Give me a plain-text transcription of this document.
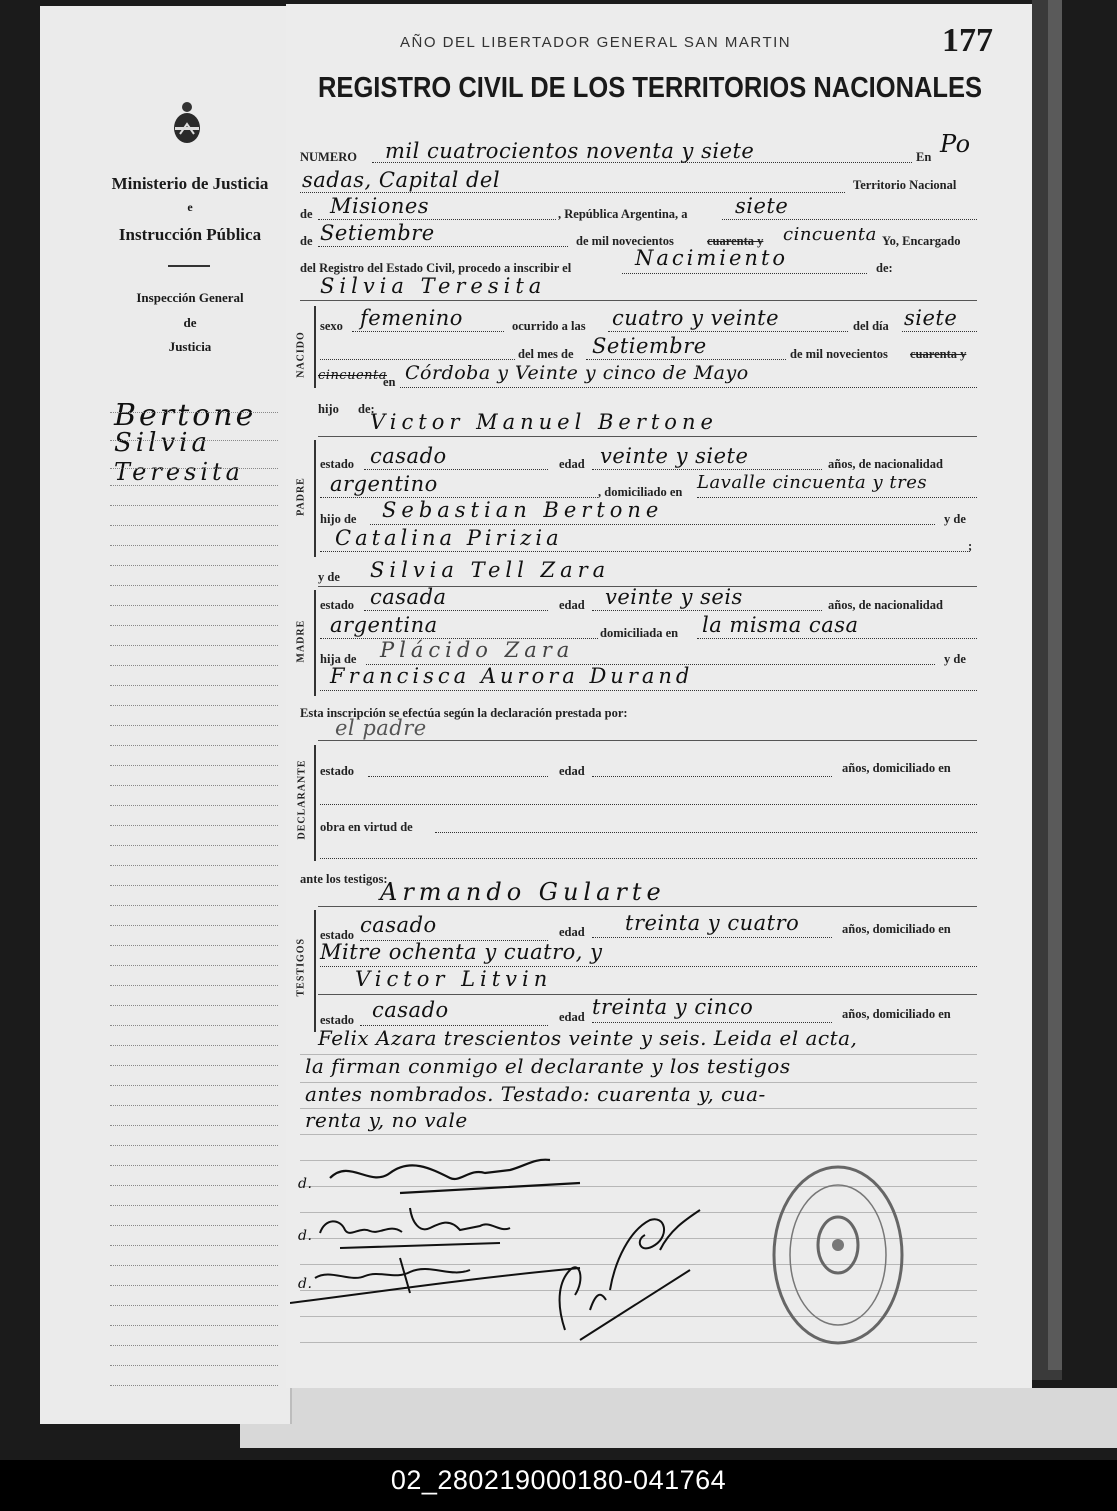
Ministerio de Justicia
e
Instrucción Pública
Inspección General
de
Justicia
Bertone
Silvia
Teresita
AÑO DEL LIBERTADOR GENERAL SAN MARTIN	177
REGISTRO CIVIL DE LOS TERRITORIOS NACIONALES
NUMERO mil cuatrocientos noventa y siete	En Po
sadas, Capital del	Territorio Nacional
de Misiones	, República Argentina, a siete
de Setiembre	de mil novecientos	cuarenta y cincuenta Yo, Encargado
del Registro del Estado Civil, procedo a inscribir el	Nacimiento	de:
Silvia Teresita
NACIDO
sexo femenino	ocurrido a las cuatro y veinte	del día siete
del mes de Setiembre	de mil novecientos cuarenta y
cincuenta
en Córdoba y Veinte y cinco de Mayo
hijo de:
Victor Manuel Bertone
PADRE
estado casado	edad veinte y siete	años, de nacionalidad
argentino	, domiciliado en Lavalle cincuenta y tres
hijo de Sebastian Bertone	y de
Catalina Pirizia	;
y de Silvia Tell Zara
MADRE
estado casada	edad veinte y seis	años, de nacionalidad
argentina	domiciliada en la misma casa
hija de Plácido Zara	y de
Francisca Aurora Durand
Esta inscripción se efectúa según la declaración prestada por:
el padre
DECLARANTE estado	edad	años, domiciliado en
obra en virtud de
ante los testigos:
Armando Gularte
TESTIGOS
estado casado	edad treinta y cuatro	años, domiciliado en
Mitre ochenta y cuatro, y
Victor Litvin
estado casado	edad treinta y cinco	años, domiciliado en
Felix Azara trescientos veinte y seis. Leida el acta,
la firman conmigo el declarante y los testigos
antes nombrados. Testado: cuarenta y, cua-
renta y, no vale
d.
d.
d.
02_280219000180-041764
